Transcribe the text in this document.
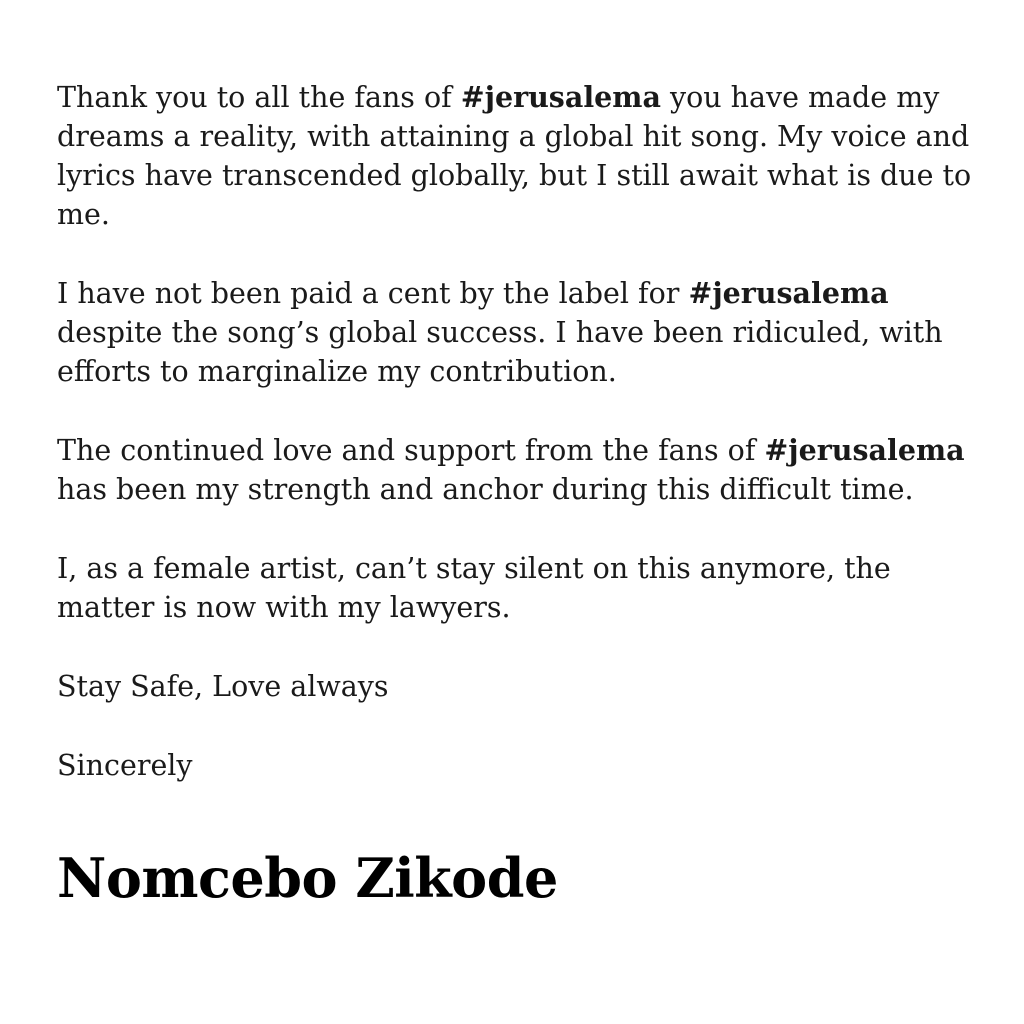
Thank you to all the fans of #jerusalema you have made my dreams a reality, with attaining a global hit song. My voice and lyrics have transcended globally, but I still await what is due to me.

I have not been paid a cent by the label for #jerusalema despite the song’s global success. I have been ridiculed, with efforts to marginalize my contribution.

The continued love and support from the fans of #jerusalema has been my strength and anchor during this difficult time.

I, as a female artist, can’t stay silent on this anymore, the matter is now with my lawyers.

Stay Safe, Love always

Sincerely

Nomcebo Zikode
